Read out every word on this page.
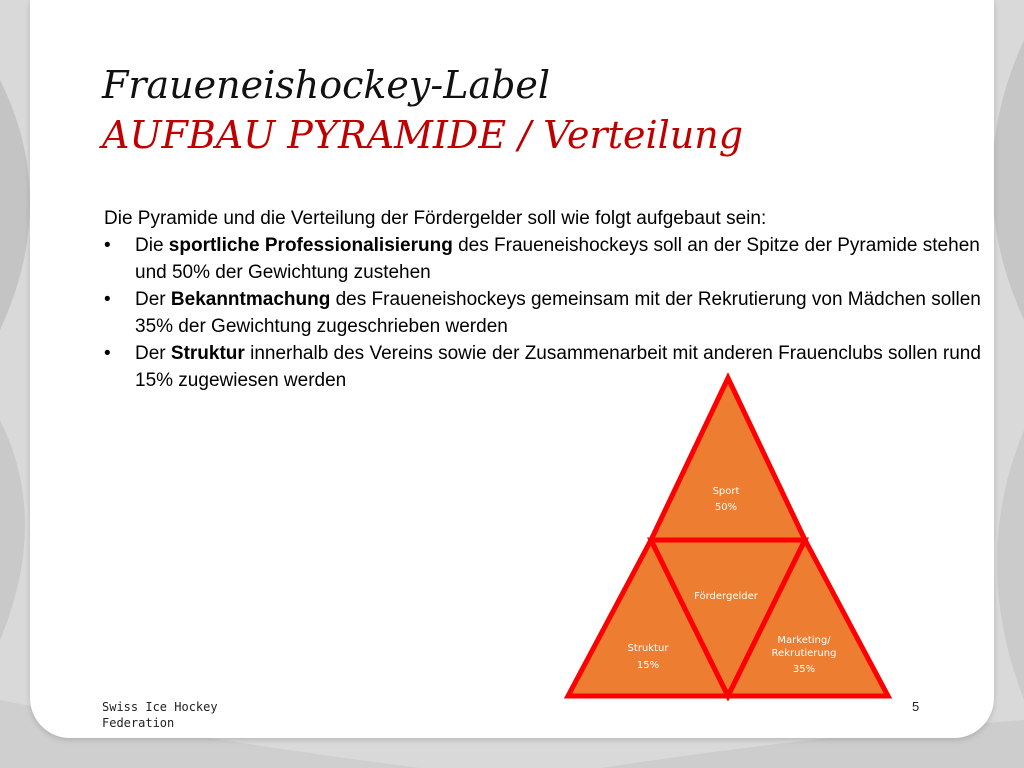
Fraueneishockey-Label
AUFBAU PYRAMIDE / Verteilung

Die Pyramide und die Verteilung der Fördergelder soll wie folgt aufgebaut sein:

• Die sportliche Professionalisierung des Fraueneishockeys soll an der Spitze der Pyramide stehen und 50% der Gewichtung zustehen
• Der Bekanntmachung des Fraueneishockeys gemeinsam mit der Rekrutierung von Mädchen sollen 35% der Gewichtung zugeschrieben werden
• Der Struktur innerhalb des Vereins sowie der Zusammenarbeit mit anderen Frauenclubs sollen rund 15% zugewiesen werden
Sport
50%
Fördergelder
Struktur
15%
Marketing/
Rekrutierung
35%
Swiss Ice Hockey
Federation
5
